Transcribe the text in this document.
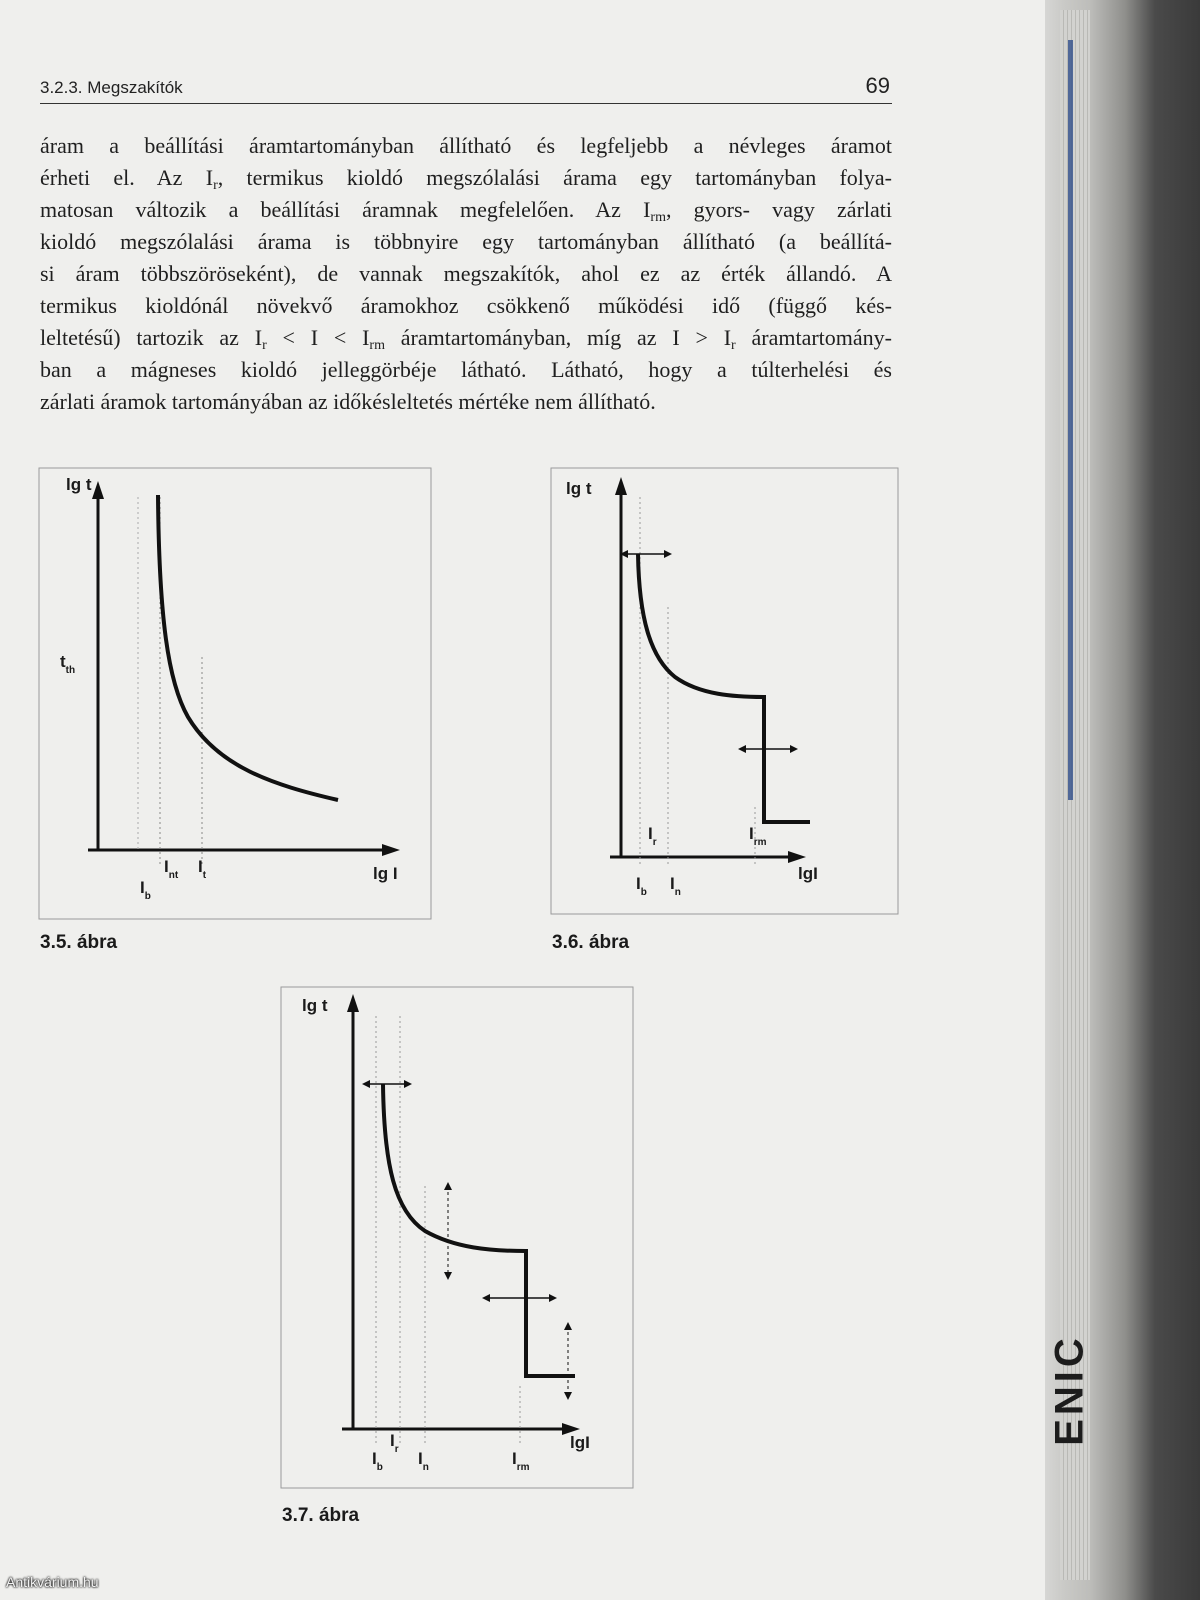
3.2.3. Megszakítók	69

áram a beállítási áramtartományban állítható és legfeljebb a névleges áramot

érheti el. Az $I_r$, termikus kioldó megszólalási árama egy tartományban folya-

matosan változik a beállítási áramnak megfelelően. Az $I_{rm}$, gyors- vagy zárlati

kioldó megszólalási árama is többnyire egy tartományban állítható (a beállítá-

si áram többszöröseként), de vannak megszakítók, ahol ez az érték állandó. A

termikus kioldónál növekvő áramokhoz csökkenő működési idő (függő kés-

leltetésű) tartozik az $I_r < I < I_{rm}$ áramtartományban, míg az $I > I_r$ áramtartomány-

ban a mágneses kioldó jelleggörbéje látható. Látható, hogy a túlterhelési és

zárlati áramok tartományában az időkésleltetés mértéke nem állítható.

lg t
lg I
$t_{th}$
$I_b$
$I_{nt}$ $I_t$
3.5. ábra
lg t
lgI
$I_r$	$I_{rm}$
$I_b$ $I_n$
3.6. ábra
lg t
lgI
$I_r$
$I_b$ $I_n$	$I_{rm}$
3.7. ábra
ENIC
Antikvárium.hu
